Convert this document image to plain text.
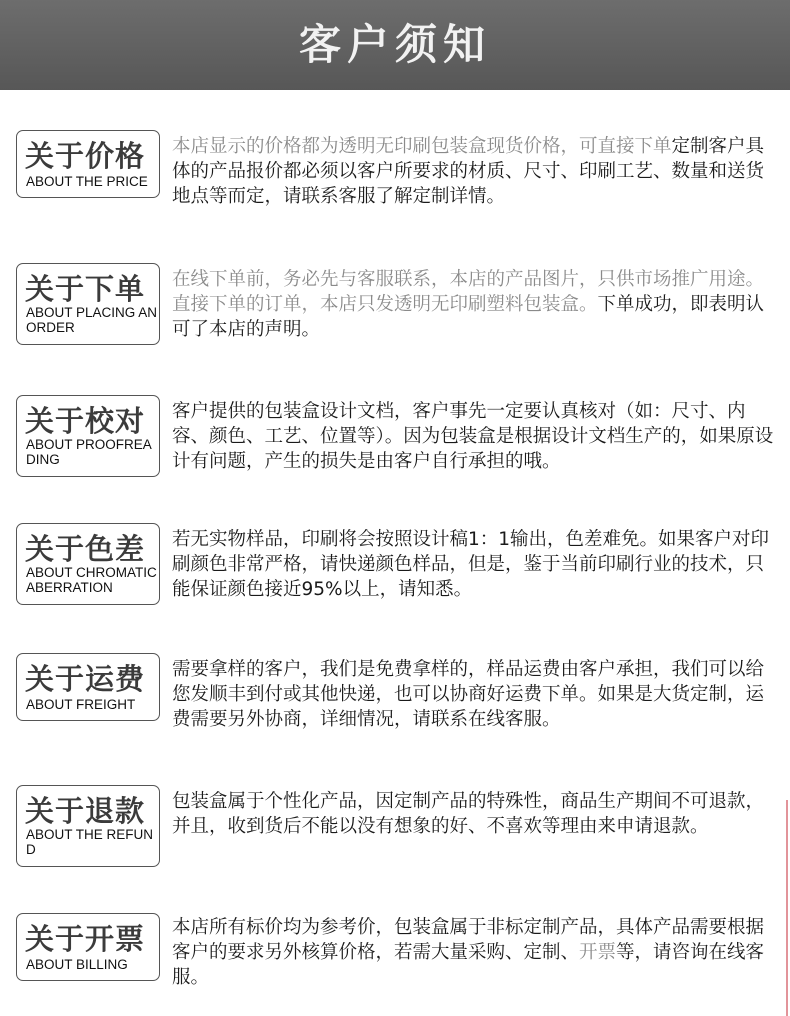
客户须知
关于价格
ABOUT THE PRICE
本店显示的价格都为透明无印刷包装盒现货价格，可直接下单定制客户具体的产品报价都必须以客户所要求的材质、尺寸、印刷工艺、数量和送货地点等而定，请联系客服了解定制详情。
关于下单
ABOUT PLACING AN ORDER
在线下单前，务必先与客服联系，本店的产品图片，只供市场推广用途。直接下单的订单，本店只发透明无印刷塑料包装盒。下单成功，即表明认可了本店的声明。
关于校对
ABOUT PROOFREADING
客户提供的包装盒设计文档，客户事先一定要认真核对（如：尺寸、内容、颜色、工艺、位置等）。因为包装盒是根据设计文档生产的，如果原设计有问题，产生的损失是由客户自行承担的哦。
关于色差
ABOUT CHROMATIC ABERRATION
若无实物样品，印刷将会按照设计稿1：1输出，色差难免。如果客户对印刷颜色非常严格，请快递颜色样品，但是，鉴于当前印刷行业的技术，只能保证颜色接近95%以上，请知悉。
关于运费
ABOUT FREIGHT
需要拿样的客户，我们是免费拿样的，样品运费由客户承担，我们可以给您发顺丰到付或其他快递，也可以协商好运费下单。如果是大货定制，运费需要另外协商，详细情况，请联系在线客服。
关于退款
ABOUT THE REFUND
包装盒属于个性化产品，因定制产品的特殊性，商品生产期间不可退款，并且，收到货后不能以没有想象的好、不喜欢等理由来申请退款。
关于开票
ABOUT BILLING
本店所有标价均为参考价，包装盒属于非标定制产品，具体产品需要根据客户的要求另外核算价格，若需大量采购、定制、开票等，请咨询在线客服。
